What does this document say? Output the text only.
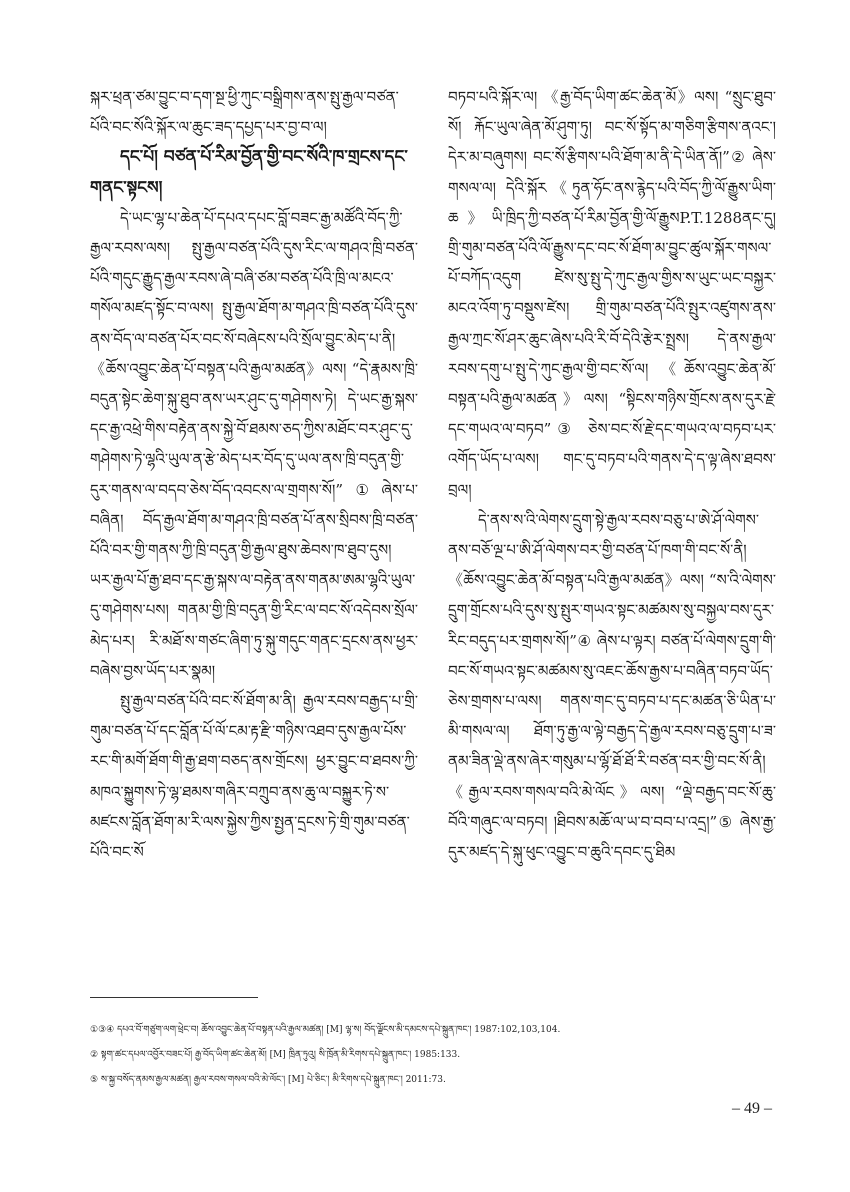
སྐར་ཕྲན་ཙམ་བྱུང་བ་དག་སྔ་ཕྱི་ཀུང་བསྒྲིགས་ནས་སྤུ་རྒྱལ་བཙན་པོའི་བང་སོའི་སྐོར་ལ་ཆུང་ཟད་དཔྱད་པར་བྱ་བ་ལ།

དང་པོ། བཙན་པོ་རིམ་བྱོན་གྱི་བང་སོའི་ཁ་གྲངས་དང་གནང་སྟངས།

དེ་ཡང་ལྷ་པ་ཆེན་པོ་དཔའ་དཔང་བློ་བཟང་རྒྱ་མཚོའི་བོད་ཀྱི་རྒྱལ་རབས་ལས། སྤུ་རྒྱལ་བཙན་པོའི་དུས་རིང་ལ་གཤའ་ཁྲི་བཙན་པོའི་གདུང་རྒྱུད་རྒྱལ་རབས་ཞེ་བཞི་ཙམ་བཙན་པོའི་ཁྲི་ལ་མངའ་གསོལ་མཛད་སྟོང་བ་ལས། སྤུ་རྒྱལ་ཐོག་མ་གཤའ་ཁྲི་བཙན་པོའི་དུས་ནས་བོད་ལ་བཙན་པོར་བང་སོ་བཞེངས་པའི་སྲོལ་བྱུང་མེད་པ་ནི། 《ཆོས་འབྱུང་ཆེན་པོ་བསྟན་པའི་རྒྱལ་མཚན》ལས། “དེ་རྣམས་ཁྲི་བདུན་སྟེང་ཆེག་སྐུ་ཐུབ་ནས་ཡར་ཤུང་དུ་གཤེགས་ཏེ། དེ་ཡང་རྒྱ་སྐས་དང་རྒྱ་འཕྲེ་གིས་བརྟེན་ནས་སྐྱེ་བོ་ཐམས་ཅད་ཀྱིས་མཐོང་བར་ཤུང་དུ་གཤེགས་ཏེ་ལྷའི་ཡུལ་ན་རྩེ་མེད་པར་བོད་དུ་ཡལ་ནས་ཁྲི་བདུན་གྱི་དུར་གནས་ལ་བདབ་ཅེས་བོད་འབངས་ལ་གྲགས་སོ།”①ཞེས་པ་བཞིན། བོད་རྒྱལ་ཐོག་མ་གཤའ་ཁྲི་བཙན་པོ་ནས་སྲིབས་ཁྲི་བཙན་པོའི་བར་གྱི་གནས་ཀྱི་ཁྲི་བདུན་གྱི་རྒྱལ་ཐུས་ཆེབས་ཁ་ཐུབ་དུས། ཡར་རྒྱལ་པོ་རྒྱ་ཐབ་དང་རྒྱ་སྐས་ལ་བརྟེན་ནས་གནམ་ཨམ་ལྷའི་ཡུལ་དུ་གཤེགས་པས། གནམ་གྱི་ཁྲི་བདུན་གྱི་རིང་ལ་བང་སོ་འདེབས་སྲོལ་མེད་པར། རི་མཐོ་ས་གཙང་ཞིག་ཏུ་སྐུ་གདུང་གནང་དྲངས་ནས་ཕྱར་བཞེས་བྱས་ཡོད་པར་སྣམ།

སྤུ་རྒྱལ་བཙན་པོའི་བང་སོ་ཐོག་མ་ནི། རྒྱལ་རབས་བརྒྱད་པ་གྲི་གུམ་བཙན་པོ་དང་བློན་པོ་ལོ་ངམ་རྟ་རྫི་གཉིས་འཐབ་དུས་རྒྱལ་པོས་རང་གི་མགོ་ཐོག་གི་རྒྱ་ཐག་བཅད་ནས་གྲོངས། ཕྱར་བྱུང་བ་ཐབས་ཀྱི་མཁའ་སྐྱུགས་ཏེ་ལྷ་ཐམས་གཞིར་བཀྲུབ་ནས་ཆུ་ལ་བསྐྱུར་ཏེ་ས་མཛངས་བློན་ཐོག་མ་རི་ལས་སྐྱེས་ཀྱིས་སྤྱན་དྲངས་ཏེ་གྲི་གུམ་བཙན་པོའི་བང་སོ

བཏབ་པའི་སྐོར་ལ། 《རྒྱ་བོད་ཡིག་ཚང་ཆེན་མོ》ལས། “སྲུང་ཐུབ་སོ། རྐོང་ཡུལ་ཞེན་མོ་ཤུག་ཏུ། བང་སོ་སྟོད་མ་གཅིག་རྩིགས་ནའང་། དེར་མ་བཞུགས། བང་སོ་རྩིགས་པའི་ཐོག་མ་ནི་དེ་ཡིན་ནོ།”② ཞེས་གསལ་ལ། དེའི་སྐོར《ཏུན་ཧོང་ནས་རྙེད་པའི་བོད་ཀྱི་ལོ་རྒྱུས་ཡིག་ཆ》ཡི་ཁྲིད་ཀྱི་བཙན་པོ་རིམ་བྱོན་གྱི་ལོ་རྒྱུསP.T.1288ནང་དུ། གྲི་གུམ་བཙན་པོའི་ལོ་རྒྱུས་དང་བང་སོ་ཐོག་མ་བྱུང་ཚུལ་སྐོར་གསལ་པོ་བཀོད་འདུག ཛེས་སུ་སྤུ་དེ་ཀུང་རྒྱལ་གྱིས་ས་ཡུང་ཡང་བསྐྱར་མངའ་འོག་ཏུ་བསྡུས་ཛེས། གྲི་གུམ་བཙན་པོའི་སྤུར་འཛུགས་ནས་རྒྱལ་ཀྲང་སོ་ཤར་ཆུང་ཞེས་པའི་རི་བོ་དེའི་རྩེར་སྤྲས། དེ་ནས་རྒྱལ་རབས་དགུ་པ་སྤུ་དེ་ཀུང་རྒྱལ་གྱི་བང་སོ་ལ། 《ཆོས་འབྱུང་ཆེན་མོ་བསྟན་པའི་རྒྱལ་མཚན》ལས། “སྟིངས་གཉིས་གྲོངས་ནས་དུར་རྗེ་དང་གཡའ་ལ་བཏབ”③ ཅེས་བང་སོ་རྗེ་དང་གཡའ་ལ་བཏབ་པར་འགོད་ཡོད་པ་ལས། གང་དུ་བཏབ་པའི་གནས་དེ་ད་ལྟ་ཞེས་ཐབས་བྲལ།

དེ་ནས་ས་འི་ལེགས་དྲུག་སྟེ་རྒྱལ་རབས་བཅུ་པ་ཨེ་ཤོ་ལེགས་ནས་བཅོ་ལྔ་པ་ཨི་ཤོ་ལེགས་བར་གྱི་བཙན་པོ་ཁག་གི་བང་སོ་ནི། 《ཆོས་འབྱུང་ཆེན་མོ་བསྟན་པའི་རྒྱལ་མཚན》ལས། “ས་འི་ལེགས་དྲུག་གྲོངས་པའི་དུས་སུ་སྤུར་གཡའ་སྟང་མཚམས་སུ་བསྐྱལ་བས་དུར་རིང་བདུད་པར་གྲགས་སོ།”④ ཞེས་པ་ལྟར། བཙན་པོ་ལེགས་དྲུག་གི་བང་སོ་གཡའ་སྟང་མཚམས་སུ་འཇང་ཆོས་རྒྱས་པ་བཞིན་བཏབ་ཡོད་ཅེས་གྲགས་པ་ལས། གནས་གང་དུ་བཏབ་པ་དང་མཚན་ཅི་ཡིན་པ་མི་གསལ་ལ། ཐོག་ཏུ་རྒྱ་ལ་ལྟེ་བརྒྱད་དེ་རྒྱལ་རབས་བཅུ་དྲུག་པ་ཟ་ནམ་ཟིན་ལྡེ་ནས་ཞེར་གསུམ་པ་ལྷོ་ཐོ་ཐོ་རི་བཙན་བར་གྱི་བང་སོ་ནི། 《རྒྱལ་རབས་གསལ་བའི་མེ་ལོང》ལས། “ལྡེ་བརྒྱད་བང་སོ་ཆུ་བོའི་གཞུང་ལ་བཏབ། །ཐིབས་མཆོ་ལ་ཡ་བ་བབ་པ་འདྲ།”⑤ ཞེས་རྒྱ་དུར་མཛད་དེ་སྐུ་ཕུང་འབྱུང་བ་ཆུའི་དབང་དུ་ཐིམ

①③④ དཔའ་བོ་གཙུག་ལག་ཕྲེང་བ། ཆོས་འབྱུང་ཆེན་པོ་བསྟན་པའི་རྒྱལ་མཚན། [M] ལྷ་ས། བོད་ལྗོངས་མི་དམངས་དཔེ་སྐྲུན་ཁང་། 1987:102,103,104.
② སྟག་ཚང་དཔལ་འབྱོར་བཟང་པོ། རྒྱ་བོད་ཡིག་ཚང་ཆེན་མོ། [M] ཁྲིན་ཏུའུ། སི་ཁྲོན་མི་རིགས་དཔེ་སྐྲུན་ཁང་། 1985:133.
⑤ ས་སྐྱ་བསོད་ནམས་རྒྱལ་མཚན། རྒྱལ་རབས་གསལ་བའི་མེ་ལོང་། [M] པེ་ཅིང་། མི་རིགས་དཔེ་སྐྲུན་ཁང་། 2011:73.
– 49 –
